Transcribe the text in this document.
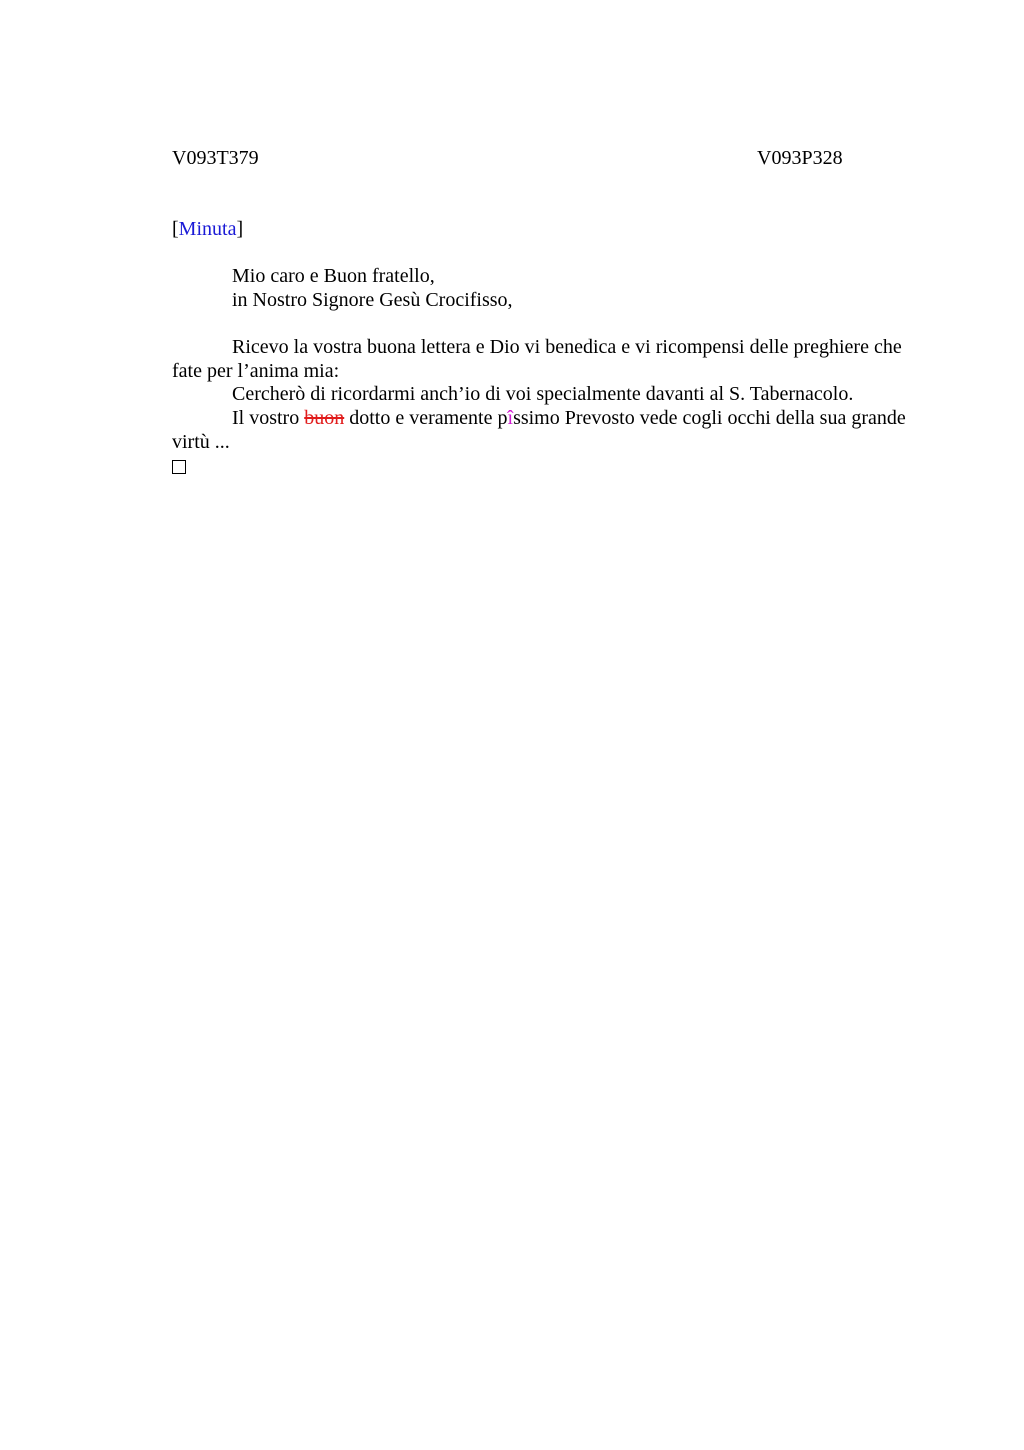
V093T379	V093P328
[Minuta]

Mio caro e Buon fratello,

in Nostro Signore Gesù Crocifisso,

Ricevo la vostra buona lettera e Dio vi benedica e vi ricompensi delle preghiere che fate per l’anima mia:

Cercherò di ricordarmi anch’io di voi specialmente davanti al S. Tabernacolo.

Il vostro buon dotto e veramente pîssimo Prevosto vede cogli occhi della sua grande virtù ...
